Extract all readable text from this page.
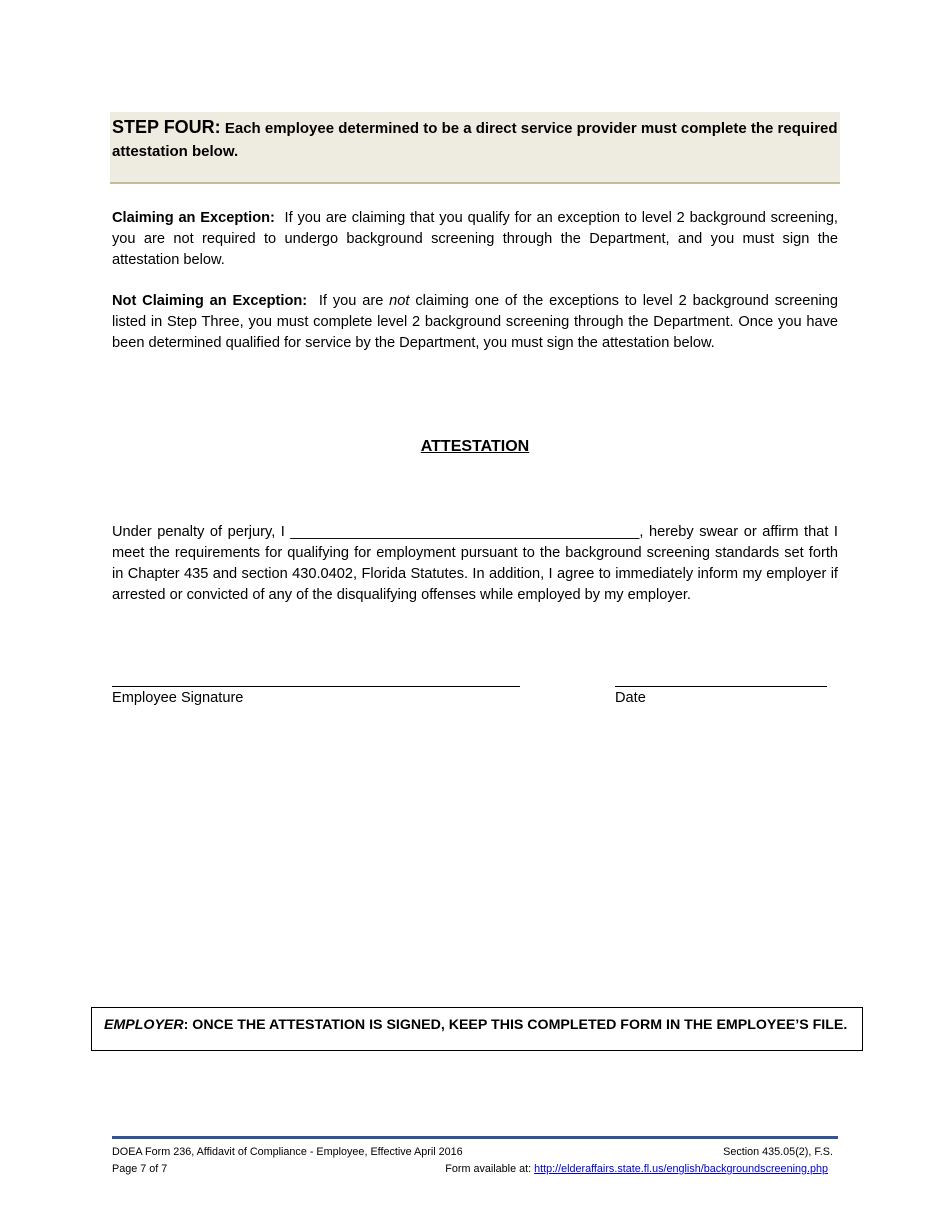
STEP FOUR: Each employee determined to be a direct service provider must complete the required attestation below.
Claiming an Exception: If you are claiming that you qualify for an exception to level 2 background screening, you are not required to undergo background screening through the Department, and you must sign the attestation below.
Not Claiming an Exception: If you are not claiming one of the exceptions to level 2 background screening listed in Step Three, you must complete level 2 background screening through the Department. Once you have been determined qualified for service by the Department, you must sign the attestation below.
ATTESTATION
Under penalty of perjury, I ___________________________________________, hereby swear or affirm that I meet the requirements for qualifying for employment pursuant to the background screening standards set forth in Chapter 435 and section 430.0402, Florida Statutes. In addition, I agree to immediately inform my employer if arrested or convicted of any of the disqualifying offenses while employed by my employer.
Employee Signature	Date
EMPLOYER: ONCE THE ATTESTATION IS SIGNED, KEEP THIS COMPLETED FORM IN THE EMPLOYEE’S FILE.
DOEA Form 236, Affidavit of Compliance - Employee, Effective April 2016
Page 7 of 7
Section 435.05(2), F.S.
Form available at: http://elderaffairs.state.fl.us/english/backgroundscreening.php
